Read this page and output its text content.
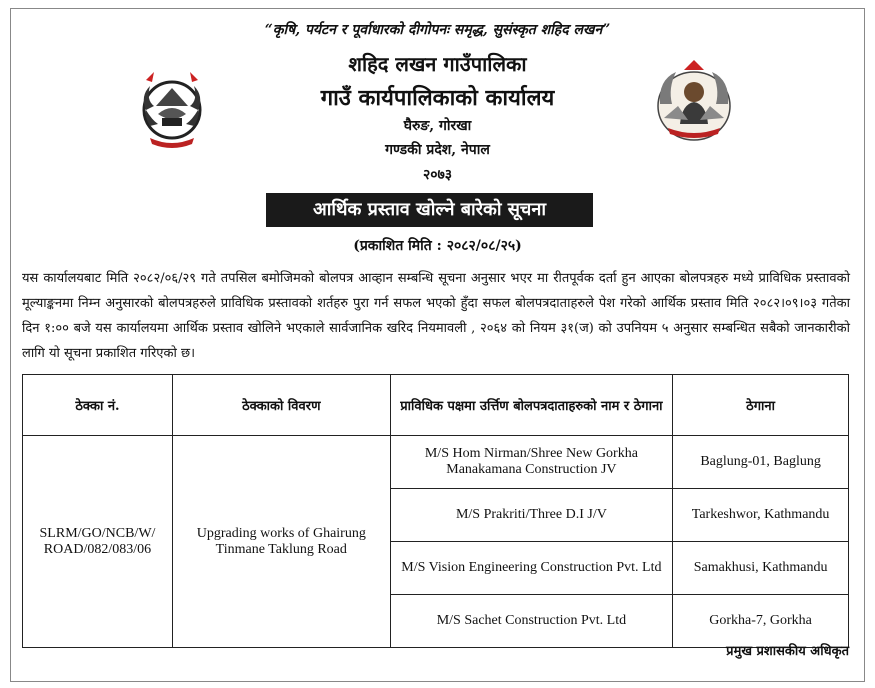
“कृषि, पर्यटन र पूर्वाधारको दीगोपनः समृद्ध, सुसंस्कृत शहिद लखन”
शहिद लखन गाउँपालिका
गाउँ कार्यपालिकाको कार्यालय
घैरुङ, गोरखा
गण्डकी प्रदेश, नेपाल
२०७३
आर्थिक प्रस्ताव खोल्ने बारेको सूचना
(प्रकाशित मिति : २०८२/०८/२५)
यस कार्यालयबाट मिति २०८२/०६/२९ गते तपसिल बमोजिमको बोलपत्र आव्हान सम्बन्धि सूचना अनुसार भएर मा रीतपूर्वक दर्ता हुन आएका बोलपत्रहरु मध्ये प्राविधिक प्रस्तावको मूल्याङ्कनमा निम्न अनुसारको बोलपत्रहरुले प्राविधिक प्रस्तावको शर्तहरु पुरा गर्न सफल भएको हुँदा सफल बोलपत्रदाताहरुले पेश गरेको आर्थिक प्रस्ताव मिति २०८२।०९।०३ गतेका दिन १:०० बजे यस कार्यालयमा आर्थिक प्रस्ताव खोलिने भएकाले सार्वजानिक खरिद नियमावली , २०६४ को नियम ३१(ज) को उपनियम ५ अनुसार सम्बन्धित सबैको जानकारीको लागि यो सूचना प्रकाशित गरिएको छ।
ठेक्का नं.	ठेक्काको विवरण	प्राविधिक पक्षमा उर्त्तिण बोलपत्रदाताहरुको नाम र ठेगाना	ठेगाना
SLRM/GO/NCB/W/ ROAD/082/083/06	Upgrading works of Ghairung Tinmane Taklung Road	M/S Hom Nirman/Shree New Gorkha Manakamana Construction JV	Baglung-01, Baglung
		M/S Prakriti/Three D.I J/V	Tarkeshwor, Kathmandu
		M/S Vision Engineering Construction Pvt. Ltd	Samakhusi, Kathmandu
		M/S Sachet Construction Pvt. Ltd	Gorkha-7, Gorkha
प्रमुख प्रशासकीय अधिकृत
